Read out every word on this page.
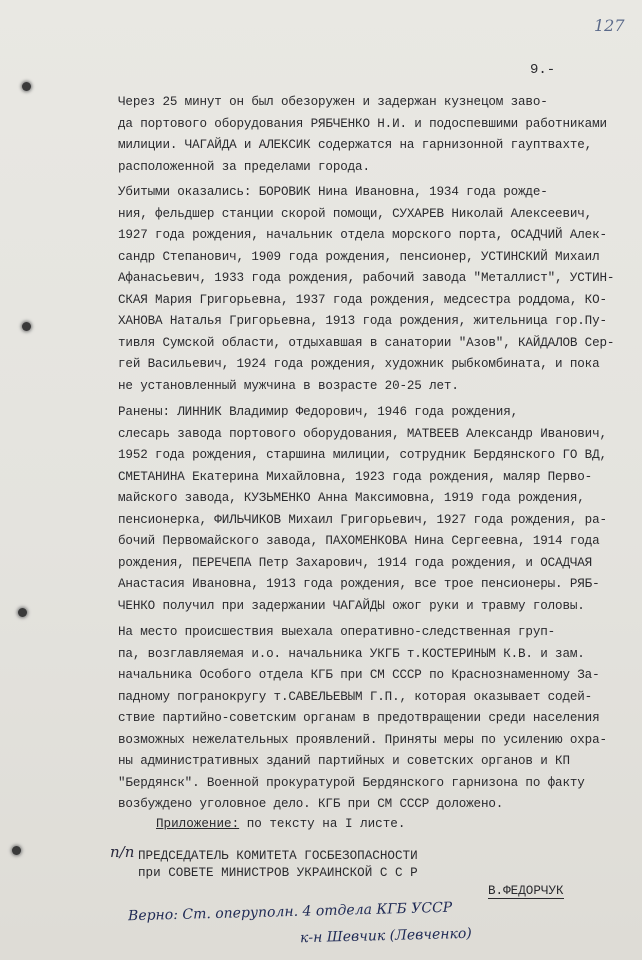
127
9.-
Через 25 минут он был обезоружен и задержан кузнецом заво-
да портового оборудования РЯБЧЕНКО Н.И. и подоспевшими работниками
милиции. ЧАГАЙДА и АЛЕКСИК содержатся на гарнизонной гауптвахте,
расположенной за пределами города.
Убитыми оказались: БОРОВИК Нина Ивановна, 1934 года рожде-
ния, фельдшер станции скорой помощи, СУХАРЕВ Николай Алексеевич,
1927 года рождения, начальник отдела морского порта, ОСАДЧИЙ Алек-
сандр Степанович, 1909 года рождения, пенсионер, УСТИНСКИЙ Михаил
Афанасьевич, 1933 года рождения, рабочий завода "Металлист", УСТИН-
СКАЯ Мария Григорьевна, 1937 года рождения, медсестра роддома, КО-
ХАНОВА Наталья Григорьевна, 1913 года рождения, жительница гор.Пу-
тивля Сумской области, отдыхавшая в санатории "Азов", КАЙДАЛОВ Сер-
гей Васильевич, 1924 года рождения, художник рыбкомбината, и пока
не установленный мужчина в возрасте 20-25 лет.
Ранены: ЛИННИК Владимир Федорович, 1946 года рождения,
слесарь завода портового оборудования, МАТВЕЕВ Александр Иванович,
1952 года рождения, старшина милиции, сотрудник Бердянского ГО ВД,
СМЕТАНИНА Екатерина Михайловна, 1923 года рождения, маляр Перво-
майского завода, КУЗЬМЕНКО Анна Максимовна, 1919 года рождения,
пенсионерка, ФИЛЬЧИКОВ Михаил Григорьевич, 1927 года рождения, ра-
бочий Первомайского завода, ПАХОМЕНКОВА Нина Сергеевна, 1914 года
рождения, ПЕРЕЧЕПА Петр Захарович, 1914 года рождения, и ОСАДЧАЯ
Анастасия Ивановна, 1913 года рождения, все трое пенсионеры. РЯБ-
ЧЕНКО получил при задержании ЧАГАЙДЫ ожог руки и травму головы.
На место происшествия выехала оперативно-следственная груп-
па, возглавляемая и.о. начальника УКГБ т.КОСТЕРИНЫМ К.В. и зам.
начальника Особого отдела КГБ при СМ СССР по Краснознаменному За-
падному погранокругу т.САВЕЛЬЕВЫМ Г.П., которая оказывает содей-
ствие партийно-советским органам в предотвращении среди населения
возможных нежелательных проявлений. Приняты меры по усилению охра-
ны административных зданий партийных и советских органов и КП
"Бердянск". Военной прокуратурой Бердянского гарнизона по факту
возбуждено уголовное дело. КГБ при СМ СССР доложено.
Приложение: по тексту на I листе.
п/п ПРЕДСЕДАТЕЛЬ КОМИТЕТА ГОСБЕЗОПАСНОСТИ
при СОВЕТЕ МИНИСТРОВ УКРАИНСКОЙ С С Р
В.ФЕДОРЧУК
Верно: Ст. оперуполн. 4 отдела КГБ УССР
к-н Шевчик (Левченко)
